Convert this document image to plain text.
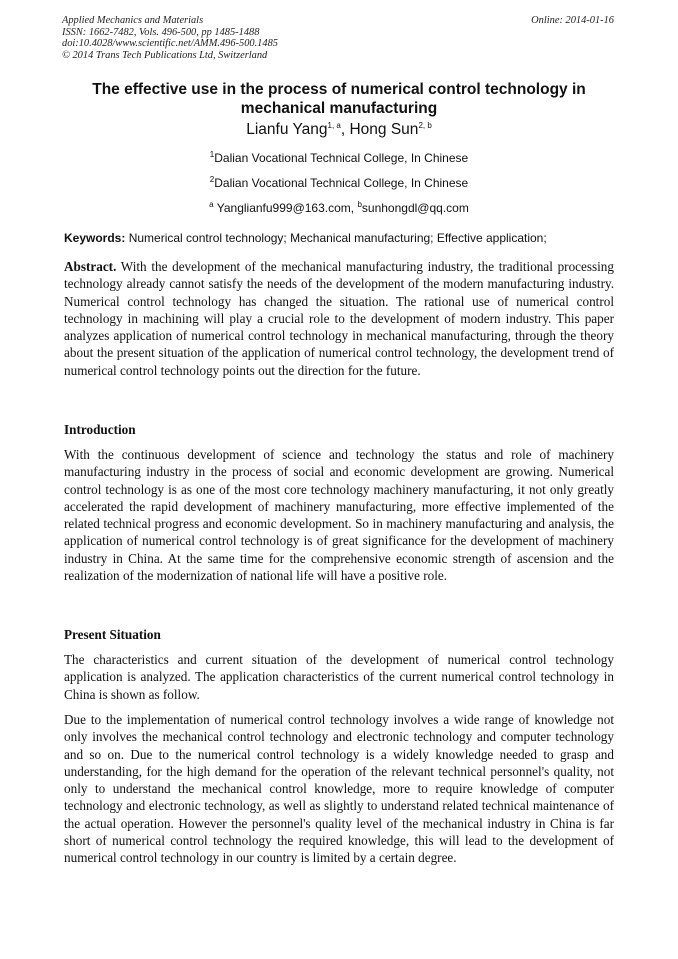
Applied Mechanics and Materials
ISSN: 1662-7482, Vols. 496-500, pp 1485-1488
doi:10.4028/www.scientific.net/AMM.496-500.1485
© 2014 Trans Tech Publications Ltd, Switzerland
Online: 2014-01-16
The effective use in the process of numerical control technology in mechanical manufacturing
Lianfu Yang$^{1, a}$, Hong Sun$^{2, b}$
$^1$Dalian Vocational Technical College, In Chinese
$^2$Dalian Vocational Technical College, In Chinese
$^a$ Yanglianfu999@163.com, $^b$sunhongdl@qq.com
Keywords: Numerical control technology; Mechanical manufacturing; Effective application;
Abstract. With the development of the mechanical manufacturing industry, the traditional processing technology already cannot satisfy the needs of the development of the modern manufacturing industry. Numerical control technology has changed the situation. The rational use of numerical control technology in machining will play a crucial role to the development of modern industry. This paper analyzes application of numerical control technology in mechanical manufacturing, through the theory about the present situation of the application of numerical control technology, the development trend of numerical control technology points out the direction for the future.
Introduction
With the continuous development of science and technology the status and role of machinery manufacturing industry in the process of social and economic development are growing. Numerical control technology is as one of the most core technology machinery manufacturing, it not only greatly accelerated the rapid development of machinery manufacturing, more effective implemented of the related technical progress and economic development. So in machinery manufacturing and analysis, the application of numerical control technology is of great significance for the development of machinery industry in China. At the same time for the comprehensive economic strength of ascension and the realization of the modernization of national life will have a positive role.
Present Situation
The characteristics and current situation of the development of numerical control technology application is analyzed. The application characteristics of the current numerical control technology in China is shown as follow.
Due to the implementation of numerical control technology involves a wide range of knowledge not only involves the mechanical control technology and electronic technology and computer technology and so on. Due to the numerical control technology is a widely knowledge needed to grasp and understanding, for the high demand for the operation of the relevant technical personnel's quality, not only to understand the mechanical control knowledge, more to require knowledge of computer technology and electronic technology, as well as slightly to understand related technical maintenance of the actual operation. However the personnel's quality level of the mechanical industry in China is far short of numerical control technology the required knowledge, this will lead to the development of numerical control technology in our country is limited by a certain degree.
